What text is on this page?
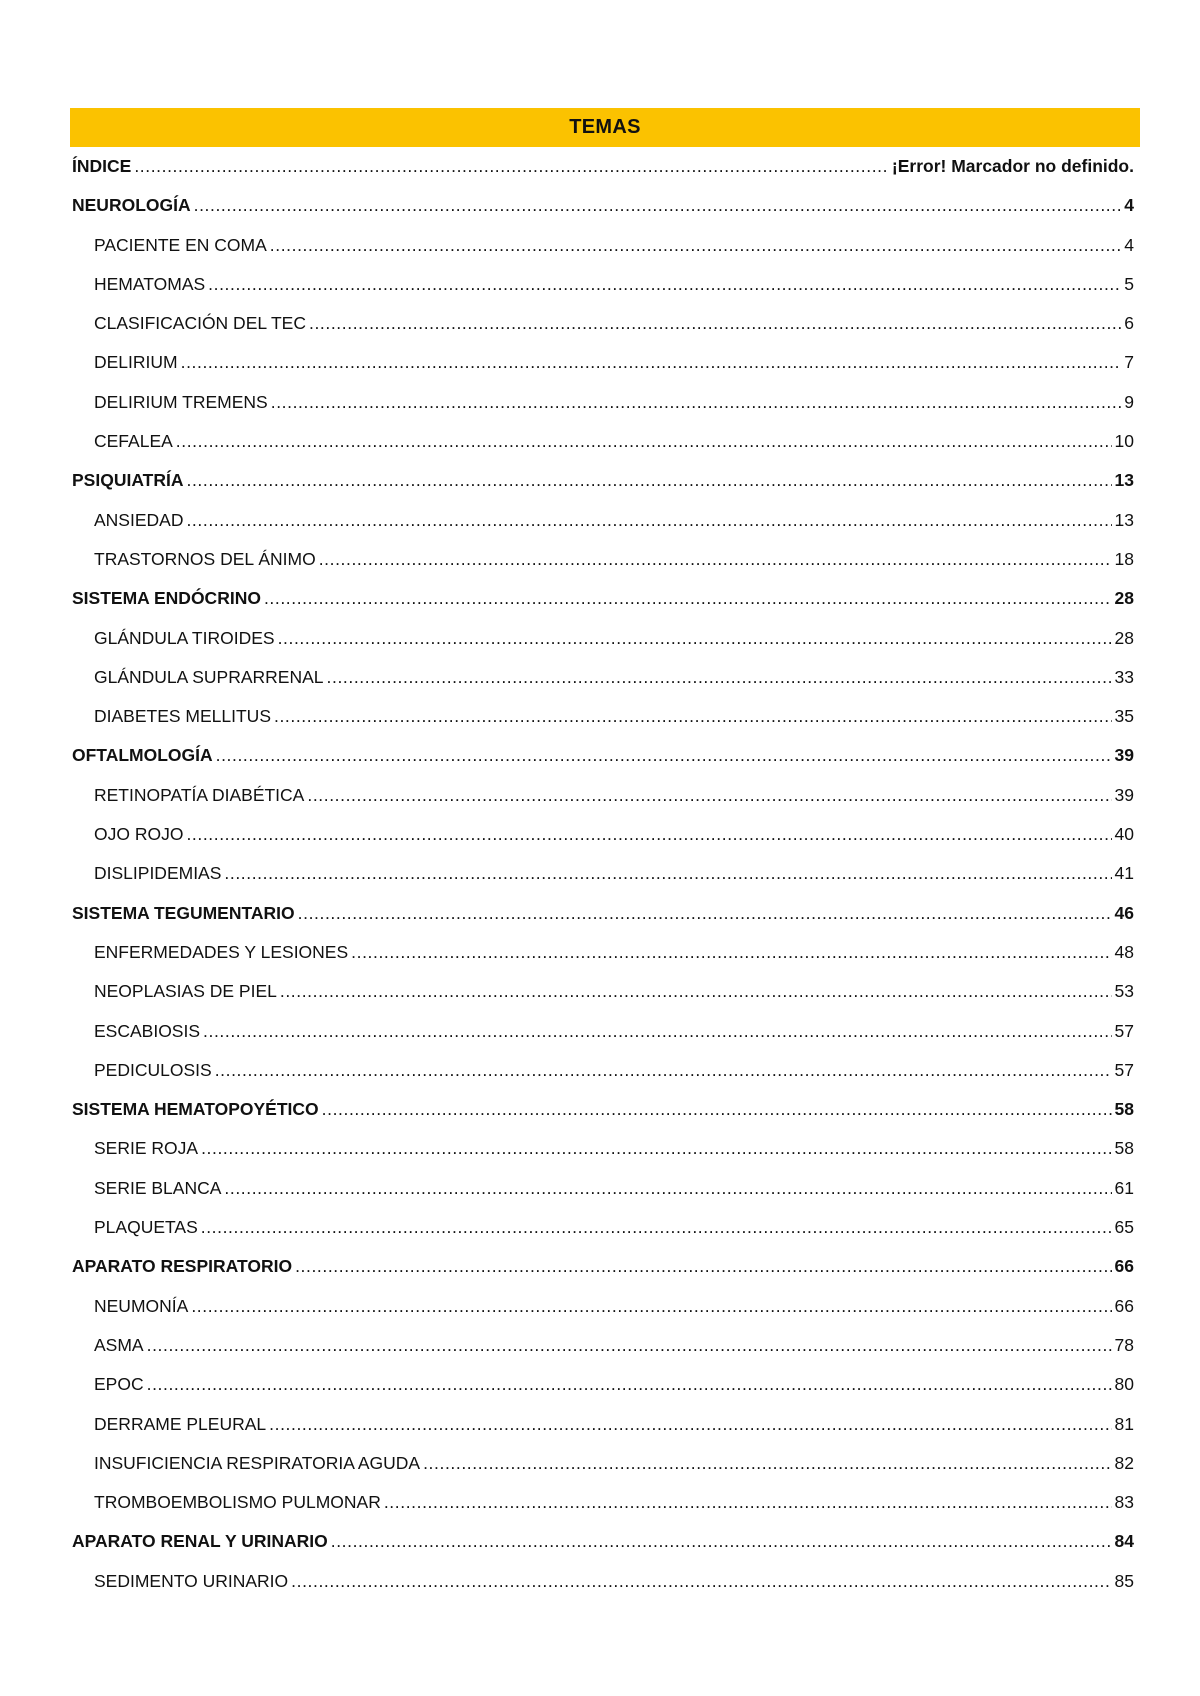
TEMAS
ÍNDICE .....	¡Error! Marcador no definido.
NEUROLOGÍA .....	4
PACIENTE EN COMA .....	4
HEMATOMAS .....	5
CLASIFICACIÓN DEL TEC .....	6
DELIRIUM .....	7
DELIRIUM TREMENS .....	9
CEFALEA .....	10
PSIQUIATRÍA .....	13
ANSIEDAD .....	13
TRASTORNOS DEL ÁNIMO .....	18
SISTEMA ENDÓCRINO .....	28
GLÁNDULA TIROIDES .....	28
GLÁNDULA SUPRARRENAL .....	33
DIABETES MELLITUS .....	35
OFTALMOLOGÍA .....	39
RETINOPATÍA DIABÉTICA .....	39
OJO ROJO .....	40
DISLIPIDEMIAS .....	41
SISTEMA TEGUMENTARIO .....	46
ENFERMEDADES Y LESIONES .....	48
NEOPLASIAS DE PIEL .....	53
ESCABIOSIS .....	57
PEDICULOSIS .....	57
SISTEMA HEMATOPOYÉTICO .....	58
SERIE ROJA .....	58
SERIE BLANCA .....	61
PLAQUETAS .....	65
APARATO RESPIRATORIO .....	66
NEUMONÍA .....	66
ASMA .....	78
EPOC .....	80
DERRAME PLEURAL .....	81
INSUFICIENCIA RESPIRATORIA AGUDA .....	82
TROMBOEMBOLISMO PULMONAR .....	83
APARATO RENAL Y URINARIO .....	84
SEDIMENTO URINARIO .....	85
